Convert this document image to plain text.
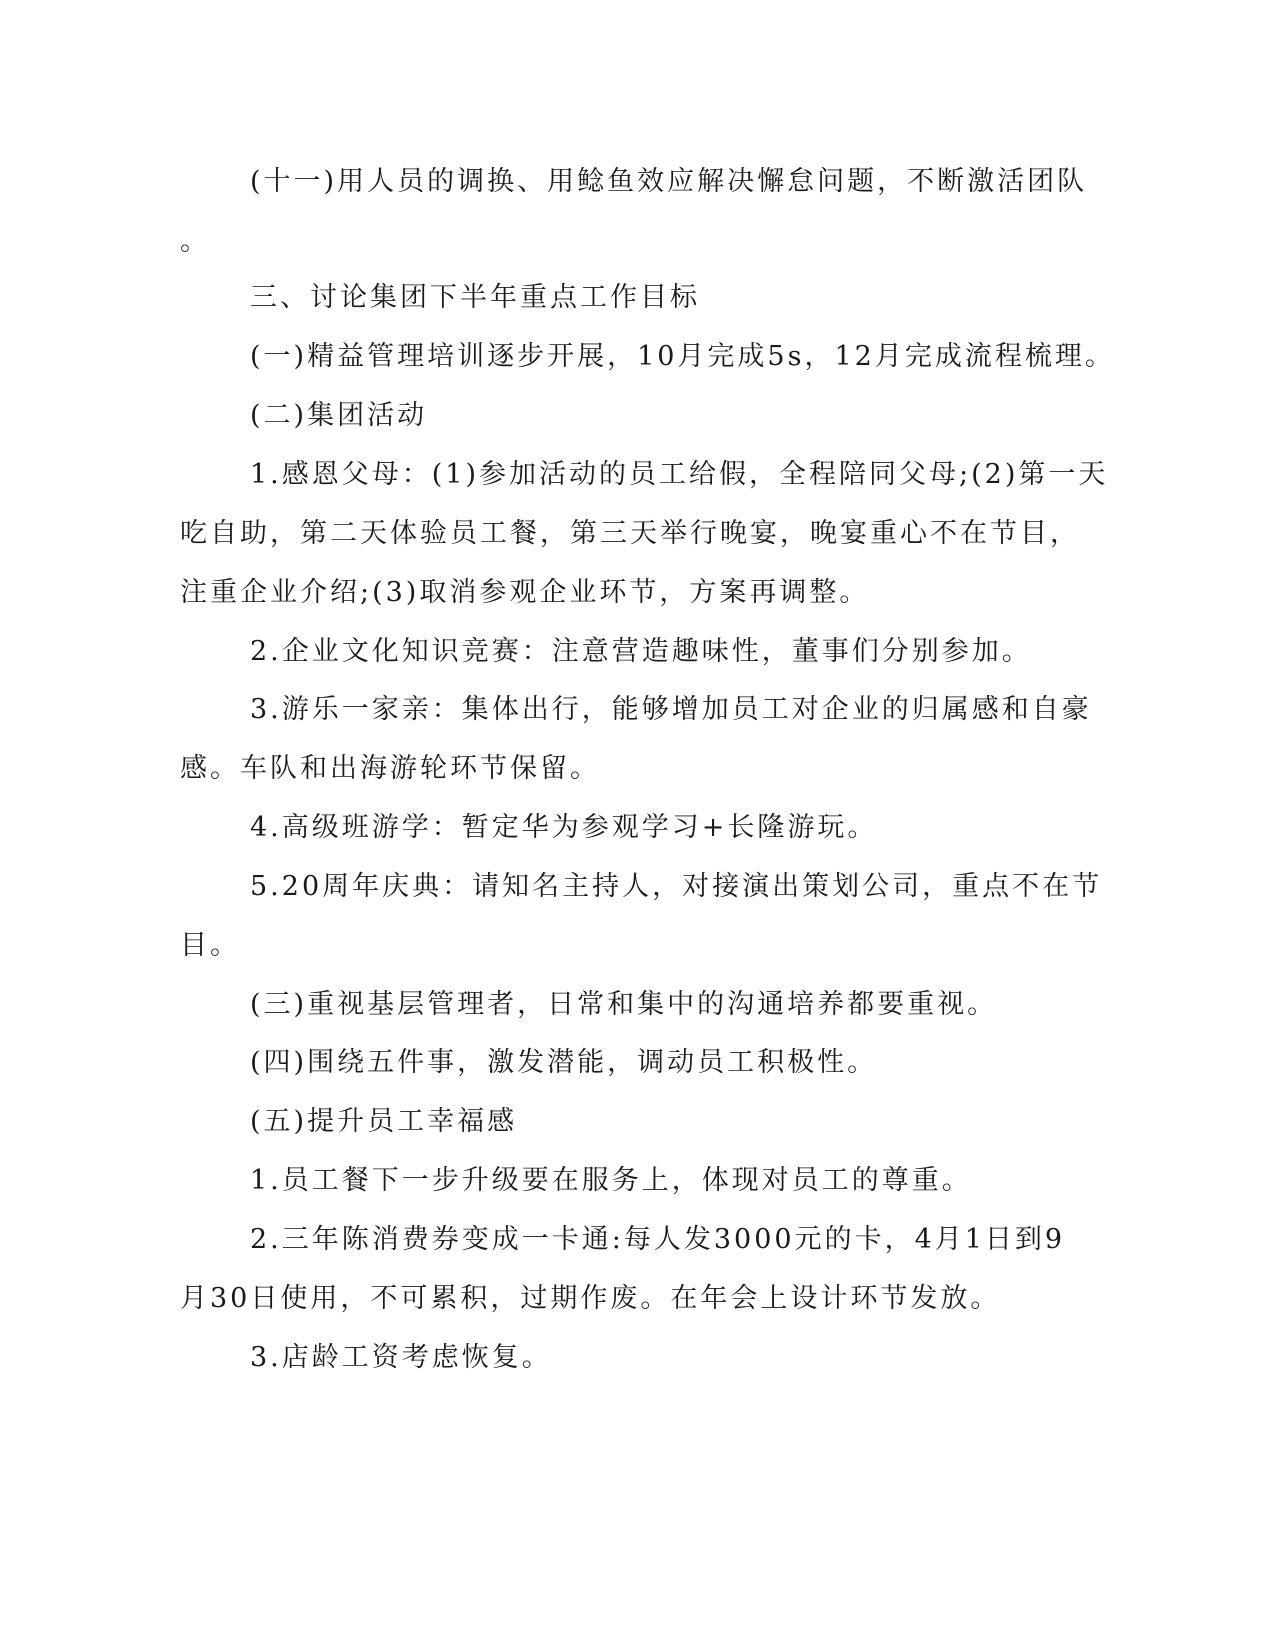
(十一)用人员的调换、用鲶鱼效应解决懈怠问题，不断激活团队

。

三、讨论集团下半年重点工作目标

(一)精益管理培训逐步开展，10月完成5s，12月完成流程梳理。

(二)集团活动

1.感恩父母：(1)参加活动的员工给假，全程陪同父母;(2)第一天

吃自助，第二天体验员工餐，第三天举行晚宴，晚宴重心不在节目，

注重企业介绍;(3)取消参观企业环节，方案再调整。

2.企业文化知识竞赛：注意营造趣味性，董事们分别参加。

3.游乐一家亲：集体出行，能够增加员工对企业的归属感和自豪

感。车队和出海游轮环节保留。

4.高级班游学：暂定华为参观学习+长隆游玩。

5.20周年庆典：请知名主持人，对接演出策划公司，重点不在节

目。

(三)重视基层管理者，日常和集中的沟通培养都要重视。

(四)围绕五件事，激发潜能，调动员工积极性。

(五)提升员工幸福感

1.员工餐下一步升级要在服务上，体现对员工的尊重。

2.三年陈消费券变成一卡通:每人发3000元的卡，4月1日到9

月30日使用，不可累积，过期作废。在年会上设计环节发放。

3.店龄工资考虑恢复。
